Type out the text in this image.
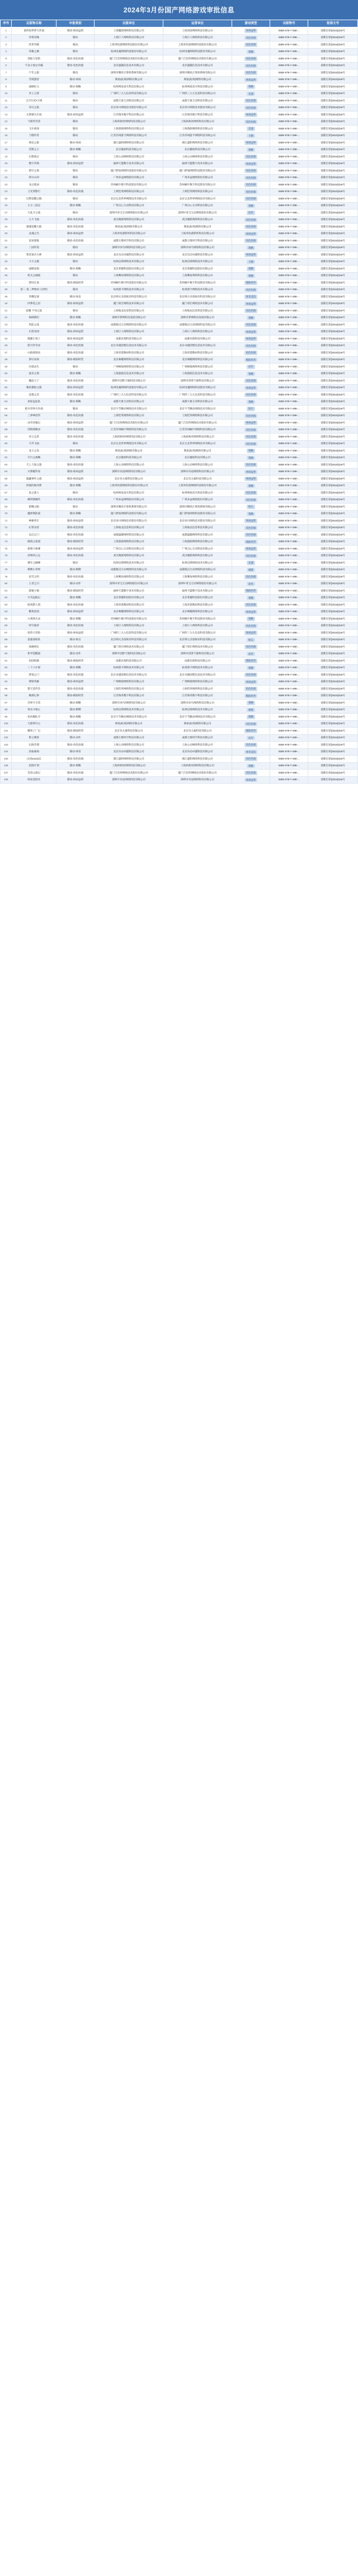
2024年3月份国产网络游戏审批信息
序号	出版物名称	申报类别	出版单位	运营单位	游戏类型	出版物号	批准文号
1	条形码世界大作战	移动-休闲益智	上海魔盾网络科技有限公司	上海羽诺网络科技有限公司	休闲益智	ISBN 978-7-498-...	国新出审[2024]318号
2	奇境奇缘	移动	上海巨人网络科技有限公司	上海巨人网络科技有限公司	角色扮演	ISBN 978-7-498-...	国新出审[2024]318号
3	兽世奇缘	移动	上海米哈游网络科技股份有限公司	上海米哈游网络科技股份有限公司	角色扮演	ISBN 978-7-498-...	国新出审[2024]318号
4	英雄之翼	移动	杭州电魂网络科技股份有限公司	杭州电魂网络科技股份有限公司	策略	ISBN 978-7-498-...	国新出审[2024]318号
5	剑仙大冒险	移动-角色扮演	厦门吉比特网络技术股份有限公司	厦门吉比特网络技术股份有限公司	角色扮演	ISBN 978-7-498-...	国新出审[2024]318号
6	不良小仙女争霸	移动-角色扮演	北京盛趣信息技术有限公司	北京盛趣信息技术有限公司	角色扮演	ISBN 978-7-498-...	国新出审[2024]318号
7	千年之旅	移动	深圳市腾讯计算机系统有限公司	深圳市腾讯计算机系统有限公司	角色扮演	ISBN 978-7-498-...	国新出审[2024]318号
8	雪境猎者	移动-休闲	网易(杭州)网络有限公司	网易(杭州)网络有限公司	休闲益智	ISBN 978-7-498-...	国新出审[2024]318号
9	战舰纪元	移动-策略	杭州网易雷火科技有限公司	杭州网易雷火科技有限公司	策略	ISBN 978-7-498-...	国新出审[2024]318号
10	冲上云霄	移动	广州四三九九信息科技有限公司	广州四三九九信息科技有限公司	竞速	ISBN 978-7-498-...	国新出审[2024]318号
11	太空行纪•天域	移动	成都天象互动科技有限公司	成都天象互动科技有限公司	角色扮演	ISBN 978-7-498-...	国新出审[2024]318号
12	奇幻之旅	移动	北京冰川网络技术股份有限公司	北京冰川网络技术股份有限公司	角色扮演	ISBN 978-7-498-...	国新出审[2024]318号
13	元梦摩尔庄园	移动-休闲益智	江苏淘米数字科技有限公司	江苏淘米数字科技有限公司	休闲益智	ISBN 978-7-498-...	国新出审[2024]318号
14	弓箭传奇者	移动	上海莉莉丝网络科技有限公司	上海莉莉丝网络科技有限公司	角色扮演	ISBN 978-7-498-...	国新出审[2024]318号
15	飞车战场	移动	上海游族网络科技有限公司	上海游族网络科技有限公司	竞速	ISBN 978-7-498-...	国新出审[2024]318号
16	刀塔传奇	移动	江苏苏州游卡网络科技有限公司	江苏苏州游卡网络科技有限公司	卡牌	ISBN 978-7-498-...	国新出审[2024]318号
17	萌宠之旅	移动-休闲	浙江盛和网络科技有限公司	浙江盛和网络科技有限公司	休闲益智	ISBN 978-7-498-...	国新出审[2024]318号
18	荒野之王	移动-策略	北京趣加科技有限公司	北京趣加科技有限公司	策略	ISBN 978-7-498-...	国新出审[2024]318号
19	幻想战记	移动	上海心动网络科技有限公司	上海心动网络科技有限公司	角色扮演	ISBN 978-7-498-...	国新出审[2024]318号
20	数字奇境	移动-休闲益智	福州天盟数字技术有限公司	福州天盟数字技术有限公司	休闲益智	ISBN 978-7-498-...	国新出审[2024]318号
21	碧空之海	移动	厦门梦加网络科技股份有限公司	厦门梦加网络科技股份有限公司	角色扮演	ISBN 978-7-498-...	国新出审[2024]318号
22	明日山河	移动	广州多益网络股份有限公司	广州多益网络股份有限公司	角色扮演	ISBN 978-7-498-...	国新出审[2024]318号
23	龙之使命	移动	苏州蜗牛数字科技股份有限公司	苏州蜗牛数字科技股份有限公司	角色扮演	ISBN 978-7-498-...	国新出审[2024]318号
24	刀光剑影行	移动-角色扮演	上海恺英网络科技有限公司	上海恺英网络科技有限公司	角色扮演	ISBN 978-7-498-...	国新出审[2024]318号
25	幻塔觉醒之路	移动	北京完美世界网络技术有限公司	北京完美世界网络技术有限公司	角色扮演	ISBN 978-7-498-...	国新出审[2024]318号
26	小小三国志	移动-策略	广州点心互动科技有限公司	广州点心互动科技有限公司	策略	ISBN 978-7-498-...	国新出审[2024]318号
27	大乱斗之战	移动	深圳中青宝互动网络股份有限公司	深圳中青宝互动网络股份有限公司	动作	ISBN 978-7-498-...	国新出审[2024]318号
28	九天飞仙	移动-角色扮演	武汉微派网络科技有限公司	武汉微派网络科技有限公司	角色扮演	ISBN 978-7-498-...	国新出审[2024]318号
29	猎魂觉醒大陆	移动-角色扮演	网易(杭州)网络有限公司	网易(杭州)网络有限公司	角色扮演	ISBN 978-7-498-...	国新出审[2024]318号
30	灵魂之光	移动-休闲益智	上海米哈游影铁科技有限公司	上海米哈游影铁科技有限公司	休闲益智	ISBN 978-7-498-...	国新出审[2024]318号
31	星途迷航	移动-角色扮演	成都七维时空科技有限公司	成都七维时空科技有限公司	角色扮演	ISBN 978-7-498-...	国新出审[2024]318号
32	三国传说	移动	深圳市冰鸟网络科技有限公司	深圳市冰鸟网络科技有限公司	策略	ISBN 978-7-498-...	国新出审[2024]318号
33	智者迷宫大师	移动-休闲益智	北京乐动卓越科技有限公司	北京乐动卓越科技有限公司	休闲益智	ISBN 978-7-498-...	国新出审[2024]318号
34	斗斗之歌	移动	杭州边锋网络技术有限公司	杭州边锋网络技术有限公司	卡牌	ISBN 978-7-498-...	国新出审[2024]318号
35	战舰星海	移动-策略	北京掌趣科技股份有限公司	北京掌趣科技股份有限公司	策略	ISBN 978-7-498-...	国新出审[2024]318号
36	机关之城战	移动	上海鹰角网络科技有限公司	上海鹰角网络科技有限公司	策略	ISBN 978-7-498-...	国新出审[2024]318号
37	梦回江南	移动-模拟经营	苏州蜗牛数字科技股份有限公司	苏州蜗牛数字科技股份有限公司	模拟经营	ISBN 978-7-498-...	国新出审[2024]318号
38	第二·第三界物语 元世纪	移动	杭州游卡网络技术有限公司	杭州游卡网络技术有限公司	角色扮演	ISBN 978-7-498-...	国新出审[2024]318号
39	荣耀足球	移动-体育	北京网元圣唐娱乐科技有限公司	北京网元圣唐娱乐科技有限公司	体育竞技	ISBN 978-7-498-...	国新出审[2024]318号
40	四季花之语	移动-休闲益智	厦门勇仕网络技术有限公司	厦门勇仕网络技术有限公司	休闲益智	ISBN 978-7-498-...	国新出审[2024]318号
41	星耀 不死之冕	移动	上海烛龙信息科技有限公司	上海烛龙信息科技有限公司	角色扮演	ISBN 978-7-498-...	国新出审[2024]318号
42	海域新纪	移动-策略	深圳市梦网科技发展有限公司	深圳市梦网科技发展有限公司	策略	ISBN 978-7-498-...	国新出审[2024]318号
43	剑起之战	移动-角色扮演	成都银汉互动网络科技有限公司	成都银汉互动网络科技有限公司	角色扮演	ISBN 978-7-498-...	国新出审[2024]318号
44	幻兽乐园	移动-休闲益智	上海巨人网络科技有限公司	上海巨人网络科技有限公司	休闲益智	ISBN 978-7-498-...	国新出审[2024]318号
45	熊猫小勇士	移动-休闲益智	成都乐狗科技有限公司	成都乐狗科技有限公司	休闲益智	ISBN 978-7-498-...	国新出审[2024]318号
46	影刃传奇录	移动-角色扮演	北京卓越创想信息技术有限公司	北京卓越创想信息技术有限公司	角色扮演	ISBN 978-7-498-...	国新出审[2024]318号
47	山海妖闻录	移动-角色扮演	上海青瓷数码科技有限公司	上海青瓷数码科技有限公司	角色扮演	ISBN 978-7-498-...	国新出审[2024]318号
48	梦幻农场	移动-模拟经营	北京帅醒网络科技有限公司	北京帅醒网络科技有限公司	模拟经营	ISBN 978-7-498-...	国新出审[2024]318号
49	沙漠求生	移动	广州畅悦网络科技有限公司	广州畅悦网络科技有限公司	动作	ISBN 978-7-498-...	国新出审[2024]318号
50	战争之境	移动-策略	上海游族信息技术有限公司	上海游族信息技术有限公司	策略	ISBN 978-7-498-...	国新出审[2024]318号
51	魔法王子	移动-角色扮演	深圳市创梦天地科技有限公司	深圳市创梦天地科技有限公司	角色扮演	ISBN 978-7-498-...	国新出审[2024]318号
52	鲨鱼模拟之旅	移动-休闲益智	杭州电魂网络科技股份有限公司	杭州电魂网络科技股份有限公司	休闲益智	ISBN 978-7-498-...	国新出审[2024]318号
53	花都之恋	移动-角色扮演	广州四三九九信息科技有限公司	广州四三九九信息科技有限公司	角色扮演	ISBN 978-7-498-...	国新出审[2024]318号
54	星际远征队	移动-策略	成都天象互动科技有限公司	成都天象互动科技有限公司	策略	ISBN 978-7-498-...	国新出审[2024]318号
55	枪火世界大作战	移动	北京字节跳动网络技术有限公司	北京字节跳动网络技术有限公司	射击	ISBN 978-7-498-...	国新出审[2024]318号
56	三界神话传	移动-角色扮演	上海恺英网络科技有限公司	上海恺英网络科技有限公司	角色扮演	ISBN 978-7-498-...	国新出审[2024]318号
57	冰雪奇缘记	移动-休闲益智	厦门吉比特网络技术股份有限公司	厦门吉比特网络技术股份有限公司	休闲益智	ISBN 978-7-498-...	国新出审[2024]318号
58	西海情歌录	移动-角色扮演	江苏苏州蜗牛网络科技有限公司	江苏苏州蜗牛网络科技有限公司	角色扮演	ISBN 978-7-498-...	国新出审[2024]318号
59	青云志者	移动-角色扮演	上海莉莉丝网络科技有限公司	上海莉莉丝网络科技有限公司	角色扮演	ISBN 978-7-498-...	国新出审[2024]318号
60	天外飞仙	移动	北京完美世界网络技术有限公司	北京完美世界网络技术有限公司	角色扮演	ISBN 978-7-498-...	国新出审[2024]318号
61	龙王之岛	移动-策略	网易(杭州)网络有限公司	网易(杭州)网络有限公司	策略	ISBN 978-7-498-...	国新出审[2024]318号
62	行行之战略	移动-策略	北京趣加科技有限公司	北京趣加科技有限公司	策略	ISBN 978-7-498-...	国新出审[2024]318号
63	天上人间之旅	移动-角色扮演	上海心动网络科技有限公司	上海心动网络科技有限公司	角色扮演	ISBN 978-7-498-...	国新出审[2024]318号
64	火柴棍传说	移动-休闲益智	深圳市乐逗网络科技有限公司	深圳市乐逗网络科技有限公司	休闲益智	ISBN 978-7-498-...	国新出审[2024]318号
65	隐藏事件之谜	移动-休闲益智	北京乐元素科技有限公司	北京乐元素科技有限公司	休闲益智	ISBN 978-7-498-...	国新出审[2024]318号
66	碎裂的银河系	移动-策略	上海米哈游网络科技股份有限公司	上海米哈游网络科技股份有限公司	策略	ISBN 978-7-498-...	国新出审[2024]318号
67	星之旅人	移动	杭州网易雷火科技有限公司	杭州网易雷火科技有限公司	角色扮演	ISBN 978-7-498-...	国新出审[2024]318号
68	御剑情缘传	移动-角色扮演	广州多益网络股份有限公司	广州多益网络股份有限公司	角色扮演	ISBN 978-7-498-...	国新出审[2024]318号
69	猎鹰之眼	移动	深圳市腾讯计算机系统有限公司	深圳市腾讯计算机系统有限公司	射击	ISBN 978-7-498-...	国新出审[2024]318号
70	魔界塔防战	移动-策略	厦门梦加网络科技股份有限公司	厦门梦加网络科技股份有限公司	策略	ISBN 978-7-498-...	国新出审[2024]318号
71	神秘列车	移动-休闲益智	北京冰川网络技术股份有限公司	北京冰川网络技术股份有限公司	休闲益智	ISBN 978-7-498-...	国新出审[2024]318号
72	幻世录者	移动-角色扮演	上海烛龙信息科技有限公司	上海烛龙信息科技有限公司	角色扮演	ISBN 978-7-498-...	国新出审[2024]318号
73	玄幻之门	移动-角色扮演	成都盛趣网络科技有限公司	成都盛趣网络科技有限公司	角色扮演	ISBN 978-7-498-...	国新出审[2024]318号
74	航海之家园	移动-模拟经营	上海游族网络科技有限公司	上海游族网络科技有限公司	模拟经营	ISBN 978-7-498-...	国新出审[2024]318号
75	拼图大师赛	移动-休闲益智	广州点心互动科技有限公司	广州点心互动科技有限公司	休闲益智	ISBN 978-7-498-...	国新出审[2024]318号
76	武林风云志	移动-角色扮演	武汉微派网络科技有限公司	武汉微派网络科技有限公司	角色扮演	ISBN 978-7-498-...	国新出审[2024]318号
77	赛车之巅峰	移动	杭州边锋网络技术有限公司	杭州边锋网络技术有限公司	竞速	ISBN 978-7-498-...	国新出审[2024]318号
78	棋牌小世界	移动-棋牌	成都银汉互动网络科技有限公司	成都银汉互动网络科技有限公司	棋牌	ISBN 978-7-498-...	国新出审[2024]318号
79	星穹之约	移动-角色扮演	上海鹰角网络科技有限公司	上海鹰角网络科技有限公司	角色扮演	ISBN 978-7-498-...	国新出审[2024]318号
80	王者之刃	移动-动作	深圳中青宝互动网络股份有限公司	深圳中青宝互动网络股份有限公司	动作	ISBN 978-7-498-...	国新出审[2024]318号
81	甜蜜小镇	移动-模拟经营	福州天盟数字技术有限公司	福州天盟数字技术有限公司	模拟经营	ISBN 978-7-498-...	国新出审[2024]318号
82	方舟远航记	移动-策略	北京掌趣科技股份有限公司	北京掌趣科技股份有限公司	策略	ISBN 978-7-498-...	国新出审[2024]318号
83	暗夜猎人团	移动-角色扮演	上海青瓷数码科技有限公司	上海青瓷数码科技有限公司	角色扮演	ISBN 978-7-498-...	国新出审[2024]318号
84	糖果消消	移动-休闲益智	北京帅醒网络科技有限公司	北京帅醒网络科技有限公司	休闲益智	ISBN 978-7-498-...	国新出审[2024]318号
85	九州烽火录	移动-策略	苏州蜗牛数字科技股份有限公司	苏州蜗牛数字科技股份有限公司	策略	ISBN 978-7-498-...	国新出审[2024]318号
86	时空旅者	移动-角色扮演	上海巨人网络科技有限公司	上海巨人网络科技有限公司	角色扮演	ISBN 978-7-498-...	国新出审[2024]318号
87	萌兽大冒险	移动-休闲益智	广州四三九九信息科技有限公司	广州四三九九信息科技有限公司	休闲益智	ISBN 978-7-498-...	国新出审[2024]318号
88	雷霆战机队	移动-射击	北京网元圣唐娱乐科技有限公司	北京网元圣唐娱乐科技有限公司	射击	ISBN 978-7-498-...	国新出审[2024]318号
89	仙缘情长	移动-角色扮演	厦门勇仕网络技术有限公司	厦门勇仕网络技术有限公司	角色扮演	ISBN 978-7-498-...	国新出审[2024]318号
90	机甲觉醒战	移动-动作	深圳市创梦天地科技有限公司	深圳市创梦天地科技有限公司	动作	ISBN 978-7-498-...	国新出审[2024]318号
91	田园牧歌	移动-模拟经营	成都乐狗科技有限公司	成都乐狗科技有限公司	模拟经营	ISBN 978-7-498-...	国新出审[2024]318号
92	三十六计谋	移动-策略	杭州游卡网络技术有限公司	杭州游卡网络技术有限公司	策略	ISBN 978-7-498-...	国新出审[2024]318号
93	梦境之门	移动-角色扮演	北京卓越创想信息技术有限公司	北京卓越创想信息技术有限公司	角色扮演	ISBN 978-7-498-...	国新出审[2024]318号
94	弹射英雄	移动-休闲益智	广州畅悦网络科技有限公司	广州畅悦网络科技有限公司	休闲益智	ISBN 978-7-498-...	国新出审[2024]318号
95	猎天者传奇	移动-角色扮演	上海恺英网络科技有限公司	上海恺英网络科技有限公司	角色扮演	ISBN 978-7-498-...	国新出审[2024]318号
96	桃源记事	移动-模拟经营	江苏淘米数字科技有限公司	江苏淘米数字科技有限公司	模拟经营	ISBN 978-7-498-...	国新出审[2024]318号
97	异界守卫者	移动-策略	深圳市冰鸟网络科技有限公司	深圳市冰鸟网络科技有限公司	策略	ISBN 978-7-498-...	国新出审[2024]318号
98	快乐斗地主	移动-棋牌	杭州边锋网络技术有限公司	杭州边锋网络技术有限公司	棋牌	ISBN 978-7-498-...	国新出审[2024]318号
99	星河舰队令	移动-策略	北京字节跳动网络技术有限公司	北京字节跳动网络技术有限公司	策略	ISBN 978-7-498-...	国新出审[2024]318号
100	天涯明月心	移动-角色扮演	网易(杭州)网络有限公司	网易(杭州)网络有限公司	角色扮演	ISBN 978-7-498-...	国新出审[2024]318号
101	糖果工厂记	移动-模拟经营	北京乐元素科技有限公司	北京乐元素科技有限公司	模拟经营	ISBN 978-7-498-...	国新出审[2024]318号
102	影之刺客	移动-动作	成都七维时空科技有限公司	成都七维时空科技有限公司	动作	ISBN 978-7-498-...	国新出审[2024]318号
103	幻海奇谭	移动-角色扮演	上海心动网络科技有限公司	上海心动网络科技有限公司	角色扮演	ISBN 978-7-498-...	国新出审[2024]318号
104	热血球场	移动-体育	北京乐动卓越科技有限公司	北京乐动卓越科技有限公司	体育竞技	ISBN 978-7-498-...	国新出审[2024]318号
105	山河social志	移动-角色扮演	浙江盛和网络科技有限公司	浙江盛和网络科技有限公司	角色扮演	ISBN 978-7-498-...	国新出审[2024]318号
106	星图计划	移动-策略	上海莉莉丝网络科技有限公司	上海莉莉丝网络科技有限公司	策略	ISBN 978-7-498-...	国新出审[2024]318号
107	奇迹之旅记	移动-角色扮演	厦门吉比特网络技术股份有限公司	厦门吉比特网络技术股份有限公司	角色扮演	ISBN 978-7-498-...	国新出审[2024]318号
108	萌宠消消乐	移动-休闲益智	深圳市乐逗网络科技有限公司	深圳市乐逗网络科技有限公司	休闲益智	ISBN 978-7-498-...	国新出审[2024]318号
